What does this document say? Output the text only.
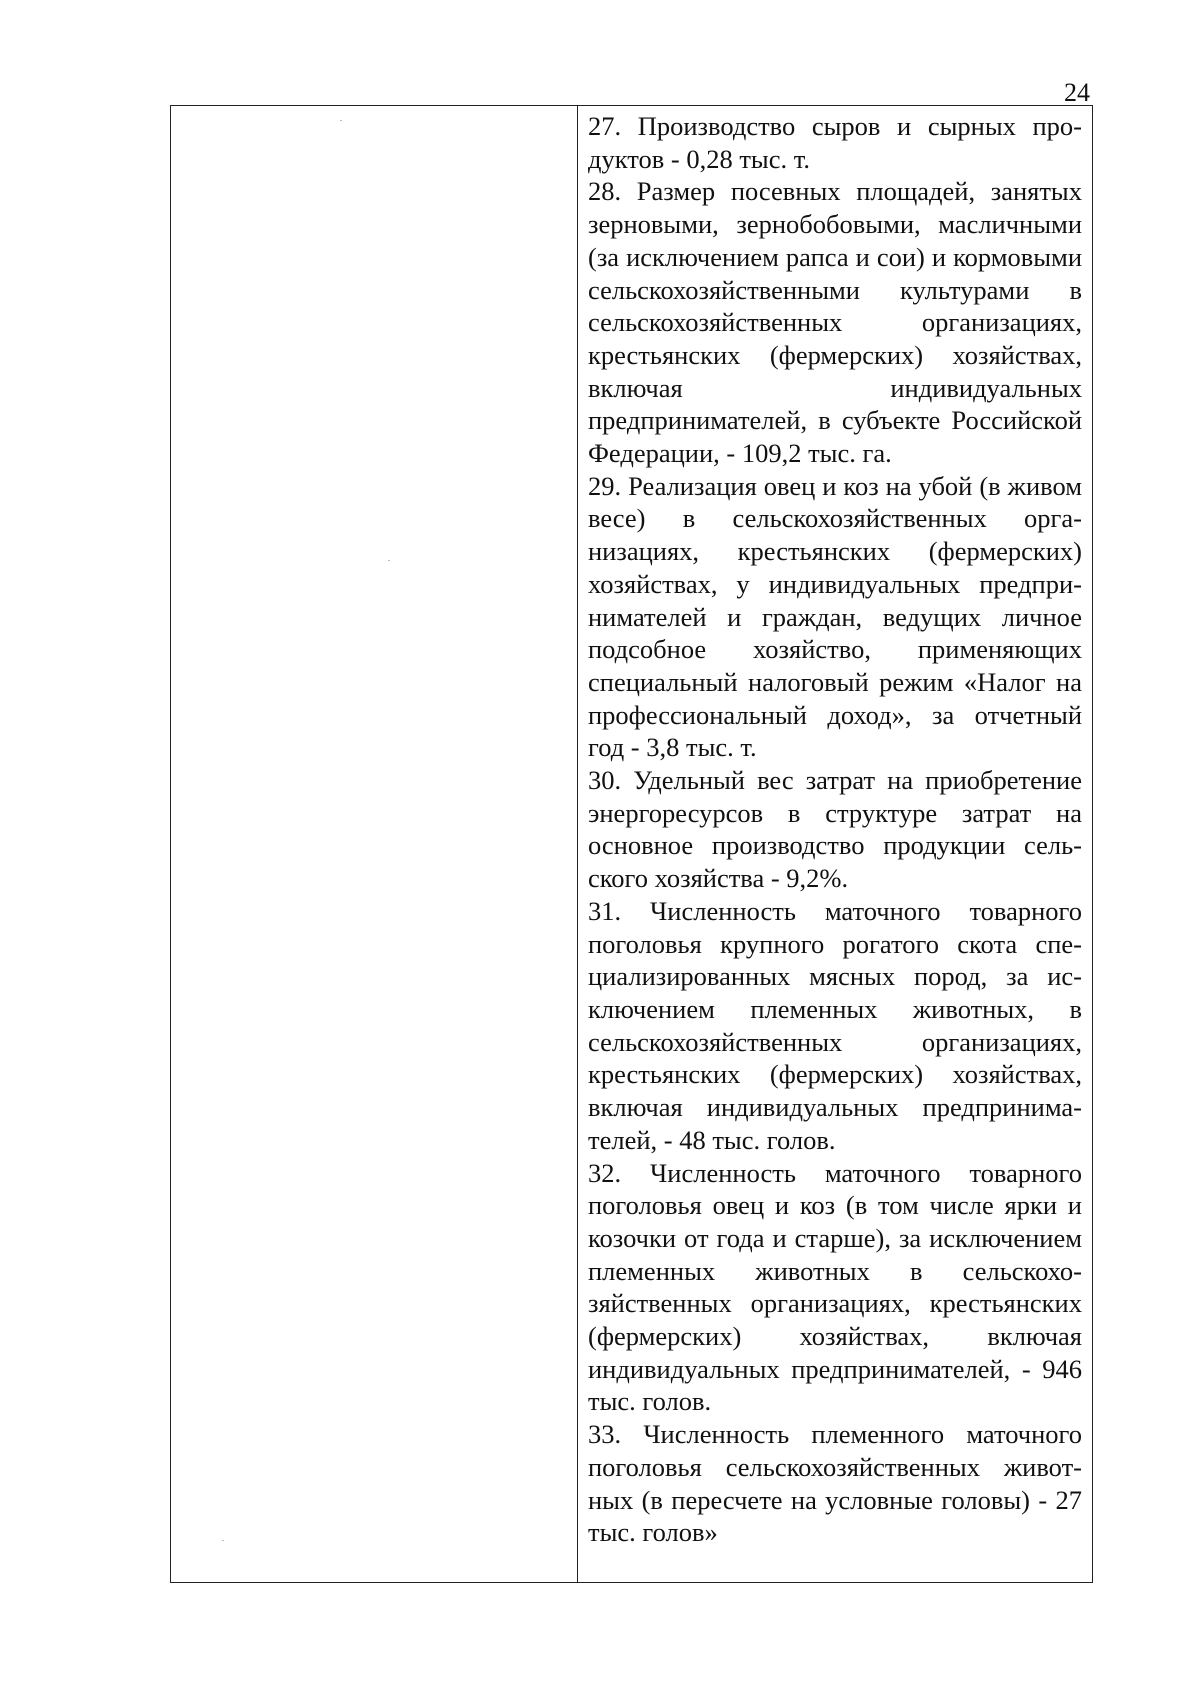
24

27. Производство сыров и сырных продуктов - 0,28 тыс. т.

28. Размер посевных площадей, занятых зерновыми, зернобобовыми, масличными (за исключением рапса и сои) и кормовыми сельскохозяйственными культурами в сельскохозяйственных организациях, крестьянских (фермерских) хозяйствах, включая индивидуальных предпринимателей, в субъекте Российской Федерации, - 109,2 тыс. га.

29. Реализация овец и коз на убой (в живом весе) в сельскохозяйственных организациях, крестьянских (фермерских) хозяйствах, у индивидуальных предпринимателей и граждан, ведущих личное подсобное хозяйство, применяющих специальный налоговый режим «Налог на профессиональный доход», за отчетный год - 3,8 тыс. т.

30. Удельный вес затрат на приобретение энергоресурсов в структуре затрат на основное производство продукции сельского хозяйства - 9,2%.

31. Численность маточного товарного поголовья крупного рогатого скота специализированных мясных пород, за исключением племенных животных, в сельскохозяйственных организациях, крестьянских (фермерских) хозяйствах, включая индивидуальных предпринимателей, - 48 тыс. голов.

32. Численность маточного товарного поголовья овец и коз (в том числе ярки и козочки от года и старше), за исключением племенных животных в сельскохозяйственных организациях, крестьянских (фермерских) хозяйствах, включая индивидуальных предпринимателей, - 946 тыс. голов.

33. Численность племенного маточного поголовья сельскохозяйственных животных (в пересчете на условные головы) - 27 тыс. голов»
